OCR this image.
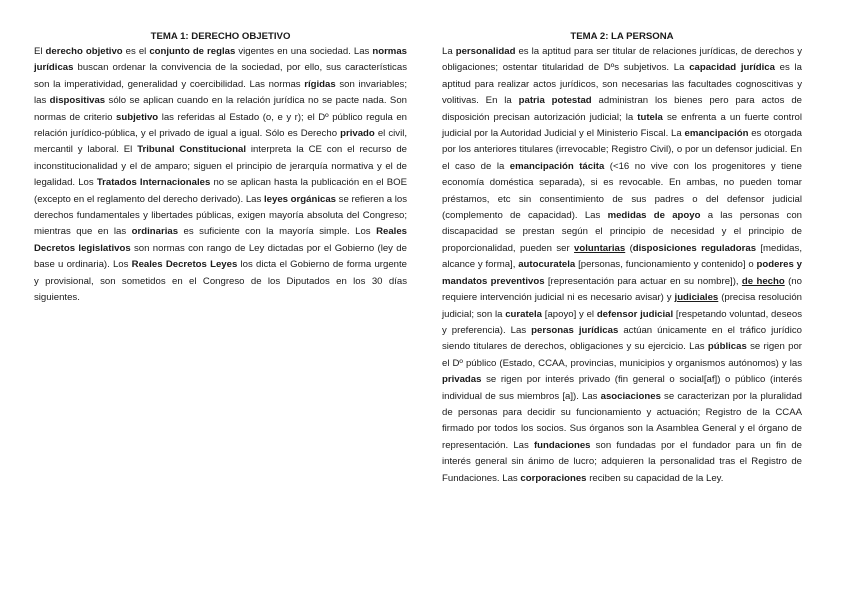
TEMA 1: DERECHO OBJETIVO

El derecho objetivo es el conjunto de reglas vigentes en una sociedad. Las normas jurídicas buscan ordenar la convivencia de la sociedad, por ello, sus características son la imperatividad, generalidad y coercibilidad. Las normas rígidas son invariables; las dispositivas sólo se aplican cuando en la relación jurídica no se pacte nada. Son normas de criterio subjetivo las referidas al Estado (o, e y r); el Dº público regula en relación jurídico-pública, y el privado de igual a igual. Sólo es Derecho privado el civil, mercantil y laboral. El Tribunal Constitucional interpreta la CE con el recurso de inconstitucionalidad y el de amparo; siguen el principio de jerarquía normativa y el de legalidad. Los Tratados Internacionales no se aplican hasta la publicación en el BOE (excepto en el reglamento del derecho derivado). Las leyes orgánicas se refieren a los derechos fundamentales y libertades públicas, exigen mayoría absoluta del Congreso; mientras que en las ordinarias es suficiente con la mayoría simple. Los Reales Decretos legislativos son normas con rango de Ley dictadas por el Gobierno (ley de base u ordinaria). Los Reales Decretos Leyes los dicta el Gobierno de forma urgente y provisional, son sometidos en el Congreso de los Diputados en los 30 días siguientes.

TEMA 2: LA PERSONA

La personalidad es la aptitud para ser titular de relaciones jurídicas, de derechos y obligaciones; ostentar titularidad de Dºs subjetivos. La capacidad jurídica es la aptitud para realizar actos jurídicos, son necesarias las facultades cognoscitivas y volitivas. En la patria potestad administran los bienes pero para actos de disposición precisan autorización judicial; la tutela se enfrenta a un fuerte control judicial por la Autoridad Judicial y el Ministerio Fiscal. La emancipación es otorgada por los anteriores titulares (irrevocable; Registro Civil), o por un defensor judicial. En el caso de la emancipación tácita (<16 no vive con los progenitores y tiene economía doméstica separada), si es revocable. En ambas, no pueden tomar préstamos, etc sin consentimiento de sus padres o del defensor judicial (complemento de capacidad). Las medidas de apoyo a las personas con discapacidad se prestan según el principio de necesidad y el principio de proporcionalidad, pueden ser voluntarias (disposiciones reguladoras [medidas, alcance y forma], autocuratela [personas, funcionamiento y contenido] o poderes y mandatos preventivos [representación para actuar en su nombre]), de hecho (no requiere intervención judicial ni es necesario avisar) y judiciales (precisa resolución judicial; son la curatela [apoyo] y el defensor judicial [respetando voluntad, deseos y preferencia). Las personas jurídicas actúan únicamente en el tráfico jurídico siendo titulares de derechos, obligaciones y su ejercicio. Las públicas se rigen por el Dº público (Estado, CCAA, provincias, municipios y organismos autónomos) y las privadas se rigen por interés privado (fin general o social[af]) o público (interés individual de sus miembros [a]). Las asociaciones se caracterizan por la pluralidad de personas para decidir su funcionamiento y actuación; Registro de la CCAA firmado por todos los socios. Sus órganos son la Asamblea General y el órgano de representación. Las fundaciones son fundadas por el fundador para un fin de interés general sin ánimo de lucro; adquieren la personalidad tras el Registro de Fundaciones. Las corporaciones reciben su capacidad de la Ley.
